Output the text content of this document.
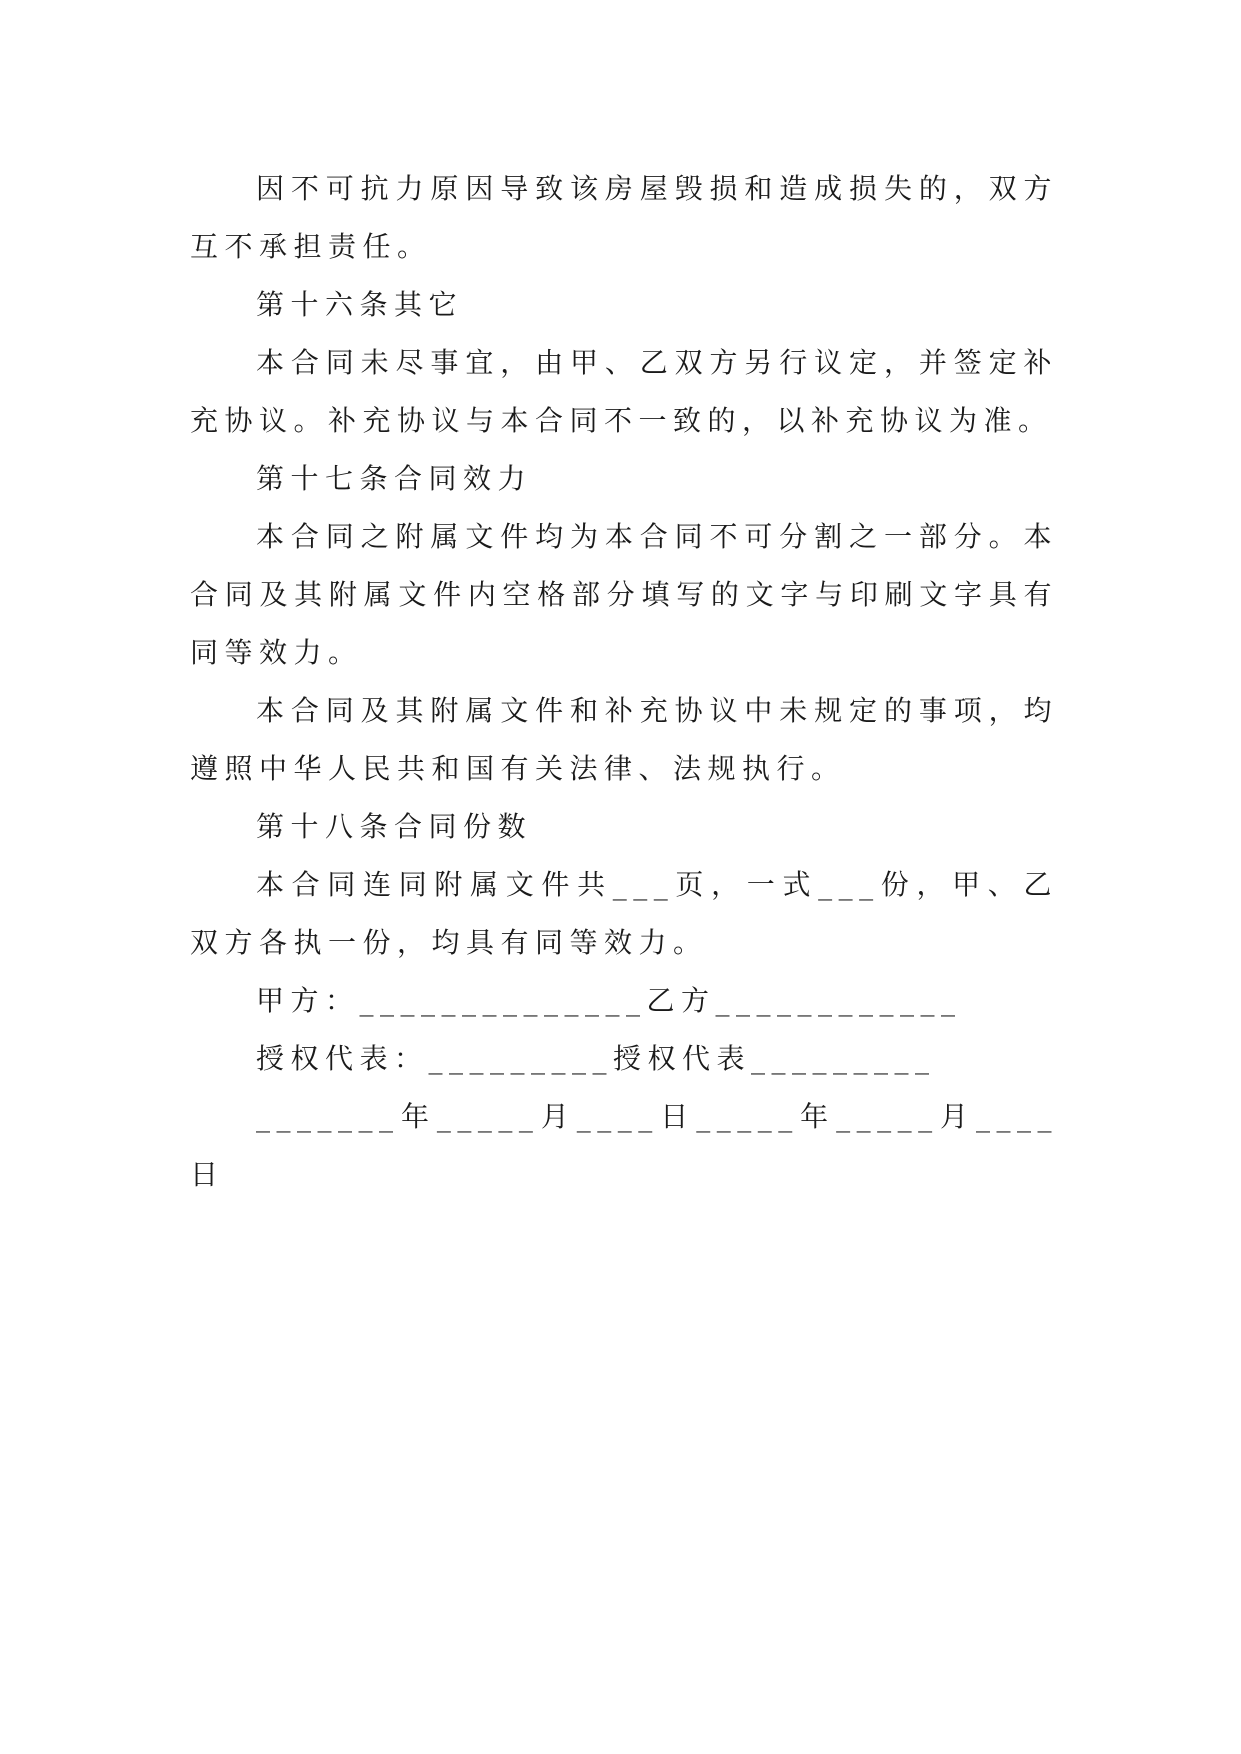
因不可抗力原因导致该房屋毁损和造成损失的，双方互不承担责任。

第十六条其它

本合同未尽事宜，由甲、乙双方另行议定，并签定补充协议。补充协议与本合同不一致的，以补充协议为准。

第十七条合同效力

本合同之附属文件均为本合同不可分割之一部分。本合同及其附属文件内空格部分填写的文字与印刷文字具有同等效力。

本合同及其附属文件和补充协议中未规定的事项，均遵照中华人民共和国有关法律、法规执行。

第十八条合同份数

本合同连同附属文件共___页，一式___份，甲、乙双方各执一份，均具有同等效力。

甲方：______________乙方____________

授权代表：_________授权代表_________

_______年_____月____日_____年_____月____日
